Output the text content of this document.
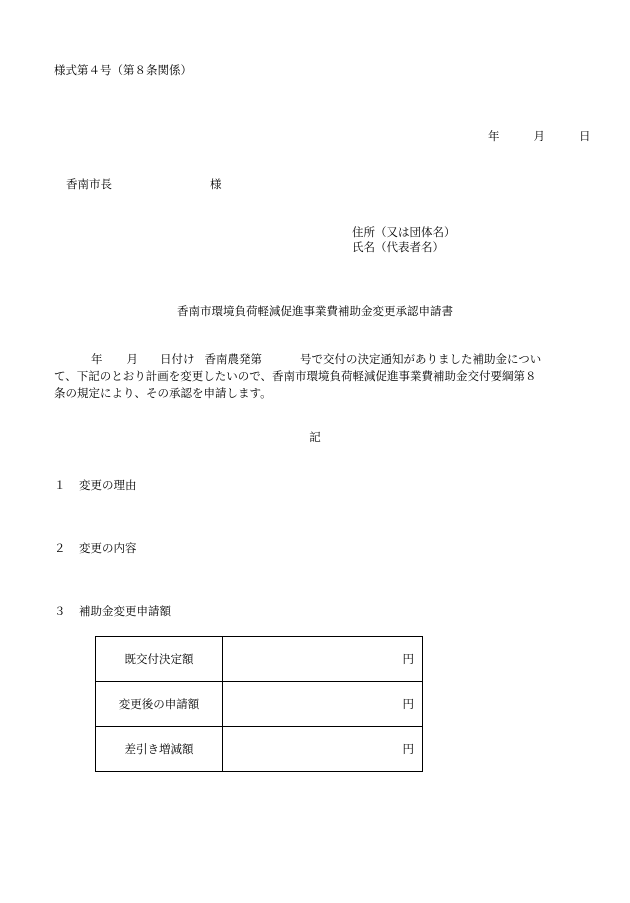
様式第４号（第８条関係）
年	月	日
香南市長	様
住所（又は団体名）
氏名（代表者名）
香南市環境負荷軽減促進事業費補助金変更承認申請書
年 月 日付け 香南農発第	号で交付の決定通知がありました補助金につい
て、下記のとおり計画を変更したいので、香南市環境負荷軽減促進事業費補助金交付要綱第８
条の規定により、その承認を申請します。
記
１ 変更の理由
２ 変更の内容
３ 補助金変更申請額
既交付決定額	円
変更後の申請額	円
差引き増減額	円
